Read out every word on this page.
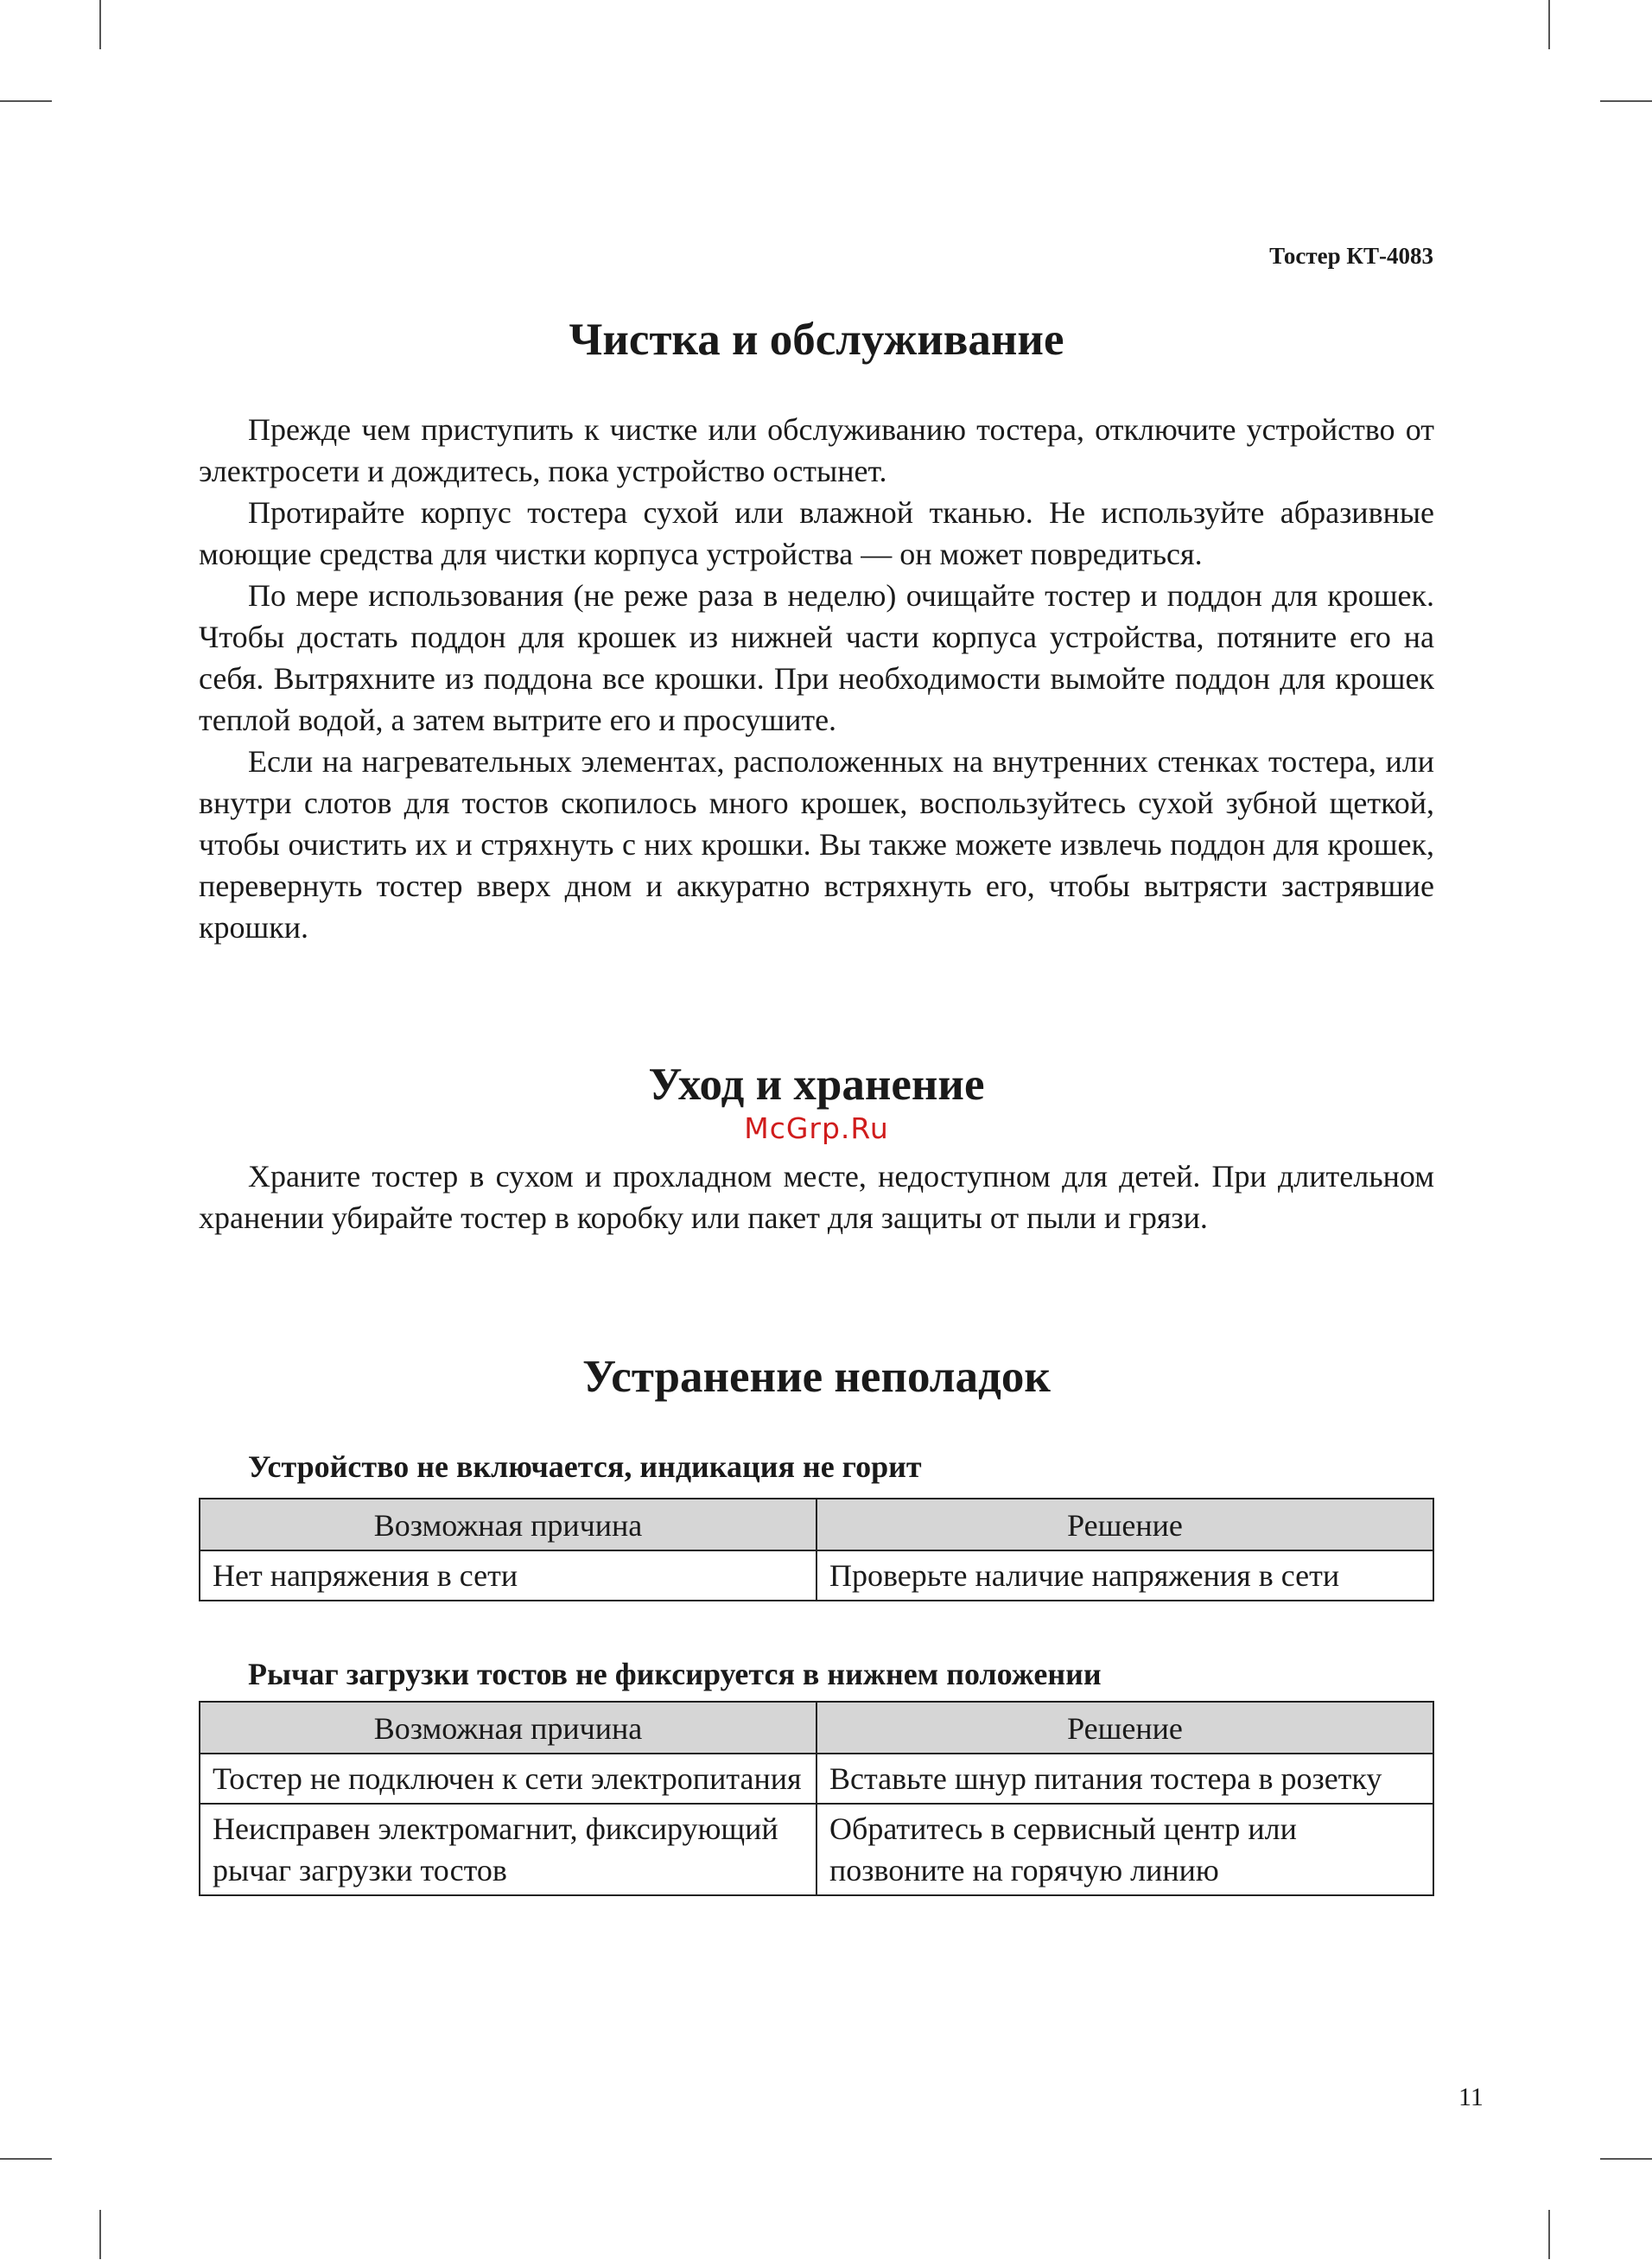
Тостер КТ-4083
Чистка и обслуживание

Прежде чем приступить к чистке или обслуживанию тостера, отключите устройство от электросети и дождитесь, пока устройство остынет.

Протирайте корпус тостера сухой или влажной тканью. Не используйте абразивные моющие средства для чистки корпуса устройства — он может повредиться.

По мере использования (не реже раза в неделю) очищайте тостер и поддон для крошек. Чтобы достать поддон для крошек из нижней части корпуса устройства, потяните его на себя. Вытряхните из поддона все крошки. При необходимости вымойте поддон для крошек теплой водой, а затем вытрите его и просушите.

Если на нагревательных элементах, расположенных на внутренних стенках тостера, или внутри слотов для тостов скопилось много крошек, воспользуйтесь сухой зубной щеткой, чтобы очистить их и стряхнуть с них крошки. Вы также можете извлечь поддон для крошек, перевернуть тостер вверх дном и аккуратно встряхнуть его, чтобы вытрясти застрявшие крошки.

Уход и хранение
McGrp.Ru

Храните тостер в сухом и прохладном месте, недоступном для детей. При длительном хранении убирайте тостер в коробку или пакет для защиты от пыли и грязи.

Устранение неполадок
Устройство не включается, индикация не горит
Возможная причина	Решение
Нет напряжения в сети	Проверьте наличие напряжения в сети
Рычаг загрузки тостов не фиксируется в нижнем положении
Возможная причина	Решение
Тостер не подключен к сети электропитания	Вставьте шнур питания тостера в розетку
Неисправен электромагнит, фиксирующий рычаг загрузки тостов	Обратитесь в сервисный центр или позвоните на горячую линию
11
